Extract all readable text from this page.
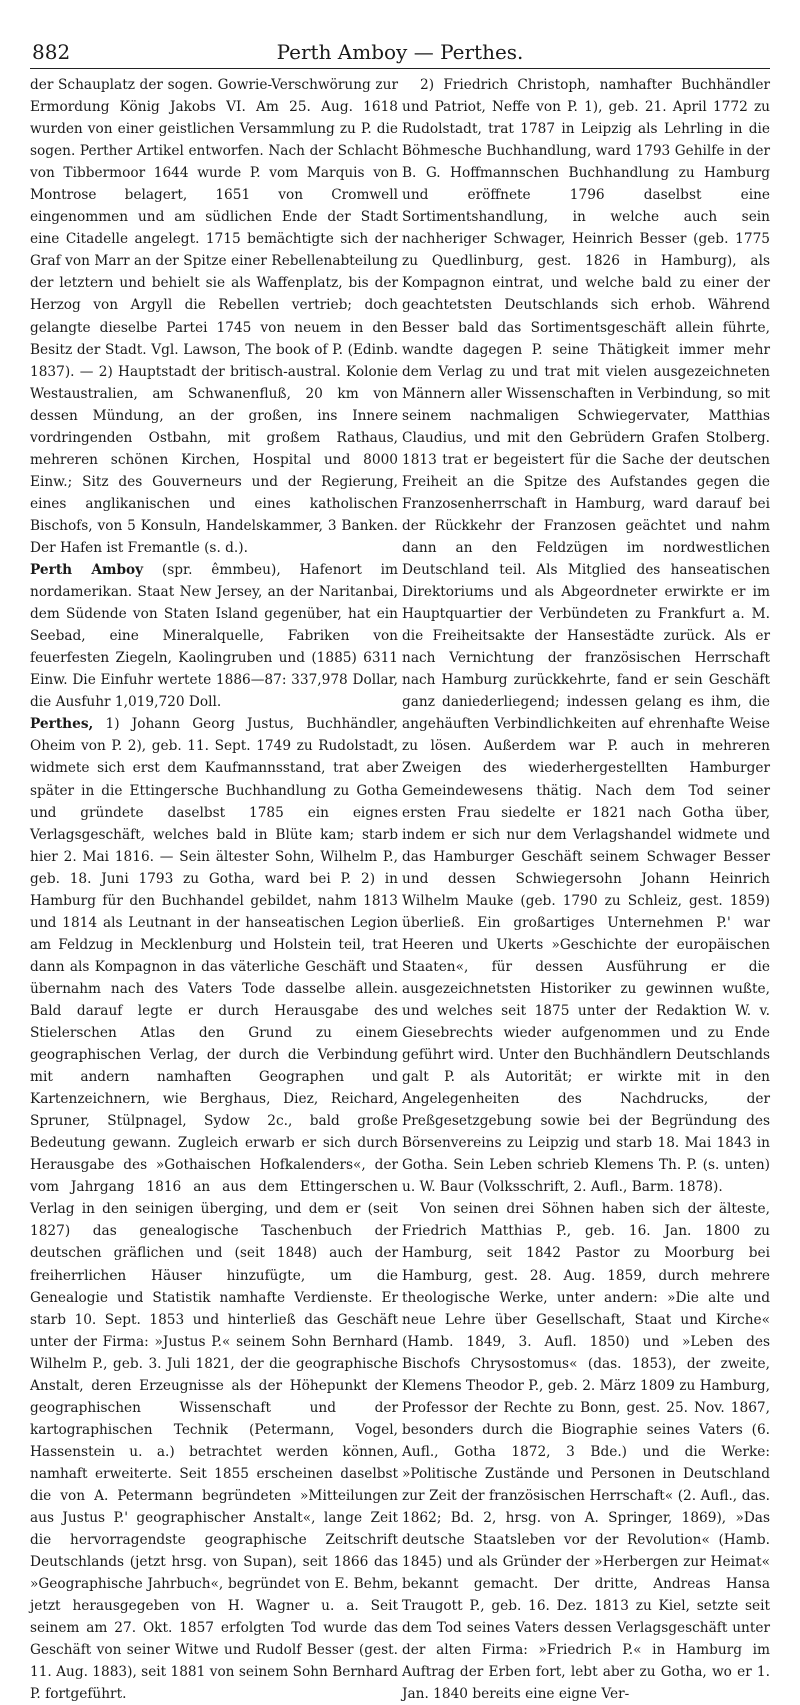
882	Perth Amboy — Perthes.

der Schauplatz der sogen. Gowrie-Verschwörung zur Ermordung König Jakobs VI. Am 25. Aug. 1618 wurden von einer geistlichen Versammlung zu P. die sogen. Perther Artikel entworfen. Nach der Schlacht von Tibbermoor 1644 wurde P. vom Marquis von Montrose belagert, 1651 von Cromwell eingenommen und am südlichen Ende der Stadt eine Citadelle angelegt. 1715 bemächtigte sich der Graf von Marr an der Spitze einer Rebellenabteilung der letztern und behielt sie als Waffenplatz, bis der Herzog von Argyll die Rebellen vertrieb; doch gelangte dieselbe Partei 1745 von neuem in den Besitz der Stadt. Vgl. Lawson, The book of P. (Edinb. 1837). — 2) Hauptstadt der britisch-austral. Kolonie Westaustralien, am Schwanenfluß, 20 km von dessen Mündung, an der großen, ins Innere vordringenden Ostbahn, mit großem Rathaus, mehreren schönen Kirchen, Hospital und 8000 Einw.; Sitz des Gouverneurs und der Regierung, eines anglikanischen und eines katholischen Bischofs, von 5 Konsuln, Handelskammer, 3 Banken. Der Hafen ist Fremantle (s. d.).

Perth Amboy (spr. êmmbeu), Hafenort im nordamerikan. Staat New Jersey, an der Naritanbai, dem Südende von Staten Island gegenüber, hat ein Seebad, eine Mineralquelle, Fabriken von feuerfesten Ziegeln, Kaolingruben und (1885) 6311 Einw. Die Einfuhr wertete 1886—87: 337,978 Dollar, die Ausfuhr 1,019,720 Doll.

Perthes, 1) Johann Georg Justus, Buchhändler, Oheim von P. 2), geb. 11. Sept. 1749 zu Rudolstadt, widmete sich erst dem Kaufmannsstand, trat aber später in die Ettingersche Buchhandlung zu Gotha und gründete daselbst 1785 ein eignes Verlagsgeschäft, welches bald in Blüte kam; starb hier 2. Mai 1816. — Sein ältester Sohn, Wilhelm P., geb. 18. Juni 1793 zu Gotha, ward bei P. 2) in Hamburg für den Buchhandel gebildet, nahm 1813 und 1814 als Leutnant in der hanseatischen Legion am Feldzug in Mecklenburg und Holstein teil, trat dann als Kompagnon in das väterliche Geschäft und übernahm nach des Vaters Tode dasselbe allein. Bald darauf legte er durch Herausgabe des Stielerschen Atlas den Grund zu einem geographischen Verlag, der durch die Verbindung mit andern namhaften Geographen und Kartenzeichnern, wie Berghaus, Diez, Reichard, Spruner, Stülpnagel, Sydow 2c., bald große Bedeutung gewann. Zugleich erwarb er sich durch Herausgabe des »Gothaischen Hofkalenders«, der vom Jahrgang 1816 an aus dem Ettingerschen Verlag in den seinigen überging, und dem er (seit 1827) das genealogische Taschenbuch der deutschen gräflichen und (seit 1848) auch der freiherrlichen Häuser hinzufügte, um die Genealogie und Statistik namhafte Verdienste. Er starb 10. Sept. 1853 und hinterließ das Geschäft unter der Firma: »Justus P.« seinem Sohn Bernhard Wilhelm P., geb. 3. Juli 1821, der die geographische Anstalt, deren Erzeugnisse als der Höhepunkt der geographischen Wissenschaft und der kartographischen Technik (Petermann, Vogel, Hassenstein u. a.) betrachtet werden können, namhaft erweiterte. Seit 1855 erscheinen daselbst die von A. Petermann begründeten »Mitteilungen aus Justus P.' geographischer Anstalt«, lange Zeit die hervorragendste geographische Zeitschrift Deutschlands (jetzt hrsg. von Supan), seit 1866 das »Geographische Jahrbuch«, begründet von E. Behm, jetzt herausgegeben von H. Wagner u. a. Seit seinem am 27. Okt. 1857 erfolgten Tod wurde das Geschäft von seiner Witwe und Rudolf Besser (gest. 11. Aug. 1883), seit 1881 von seinem Sohn Bernhard P. fortgeführt.

2) Friedrich Christoph, namhafter Buchhändler und Patriot, Neffe von P. 1), geb. 21. April 1772 zu Rudolstadt, trat 1787 in Leipzig als Lehrling in die Böhmesche Buchhandlung, ward 1793 Gehilfe in der B. G. Hoffmannschen Buchhandlung zu Hamburg und eröffnete 1796 daselbst eine Sortimentshandlung, in welche auch sein nachheriger Schwager, Heinrich Besser (geb. 1775 zu Quedlinburg, gest. 1826 in Hamburg), als Kompagnon eintrat, und welche bald zu einer der geachtetsten Deutschlands sich erhob. Während Besser bald das Sortimentsgeschäft allein führte, wandte dagegen P. seine Thätigkeit immer mehr dem Verlag zu und trat mit vielen ausgezeichneten Männern aller Wissenschaften in Verbindung, so mit seinem nachmaligen Schwiegervater, Matthias Claudius, und mit den Gebrüdern Grafen Stolberg. 1813 trat er begeistert für die Sache der deutschen Freiheit an die Spitze des Aufstandes gegen die Franzosenherrschaft in Hamburg, ward darauf bei der Rückkehr der Franzosen geächtet und nahm dann an den Feldzügen im nordwestlichen Deutschland teil. Als Mitglied des hanseatischen Direktoriums und als Abgeordneter erwirkte er im Hauptquartier der Verbündeten zu Frankfurt a. M. die Freiheitsakte der Hansestädte zurück. Als er nach Vernichtung der französischen Herrschaft nach Hamburg zurückkehrte, fand er sein Geschäft ganz daniederliegend; indessen gelang es ihm, die angehäuften Verbindlichkeiten auf ehrenhafte Weise zu lösen. Außerdem war P. auch in mehreren Zweigen des wiederhergestellten Hamburger Gemeindewesens thätig. Nach dem Tod seiner ersten Frau siedelte er 1821 nach Gotha über, indem er sich nur dem Verlagshandel widmete und das Hamburger Geschäft seinem Schwager Besser und dessen Schwiegersohn Johann Heinrich Wilhelm Mauke (geb. 1790 zu Schleiz, gest. 1859) überließ. Ein großartiges Unternehmen P.' war Heeren und Ukerts »Geschichte der europäischen Staaten«, für dessen Ausführung er die ausgezeichnetsten Historiker zu gewinnen wußte, und welches seit 1875 unter der Redaktion W. v. Giesebrechts wieder aufgenommen und zu Ende geführt wird. Unter den Buchhändlern Deutschlands galt P. als Autorität; er wirkte mit in den Angelegenheiten des Nachdrucks, der Preßgesetzgebung sowie bei der Begründung des Börsenvereins zu Leipzig und starb 18. Mai 1843 in Gotha. Sein Leben schrieb Klemens Th. P. (s. unten) u. W. Baur (Volksschrift, 2. Aufl., Barm. 1878).

Von seinen drei Söhnen haben sich der älteste, Friedrich Matthias P., geb. 16. Jan. 1800 zu Hamburg, seit 1842 Pastor zu Moorburg bei Hamburg, gest. 28. Aug. 1859, durch mehrere theologische Werke, unter andern: »Die alte und neue Lehre über Gesellschaft, Staat und Kirche« (Hamb. 1849, 3. Aufl. 1850) und »Leben des Bischofs Chrysostomus« (das. 1853), der zweite, Klemens Theodor P., geb. 2. März 1809 zu Hamburg, Professor der Rechte zu Bonn, gest. 25. Nov. 1867, besonders durch die Biographie seines Vaters (6. Aufl., Gotha 1872, 3 Bde.) und die Werke: »Politische Zustände und Personen in Deutschland zur Zeit der französischen Herrschaft« (2. Aufl., das. 1862; Bd. 2, hrsg. von A. Springer, 1869), »Das deutsche Staatsleben vor der Revolution« (Hamb. 1845) und als Gründer der »Herbergen zur Heimat« bekannt gemacht. Der dritte, Andreas Hansa Traugott P., geb. 16. Dez. 1813 zu Kiel, setzte seit dem Tod seines Vaters dessen Verlagsgeschäft unter der alten Firma: »Friedrich P.« in Hamburg im Auftrag der Erben fort, lebt aber zu Gotha, wo er 1. Jan. 1840 bereits eine eigne Ver-
